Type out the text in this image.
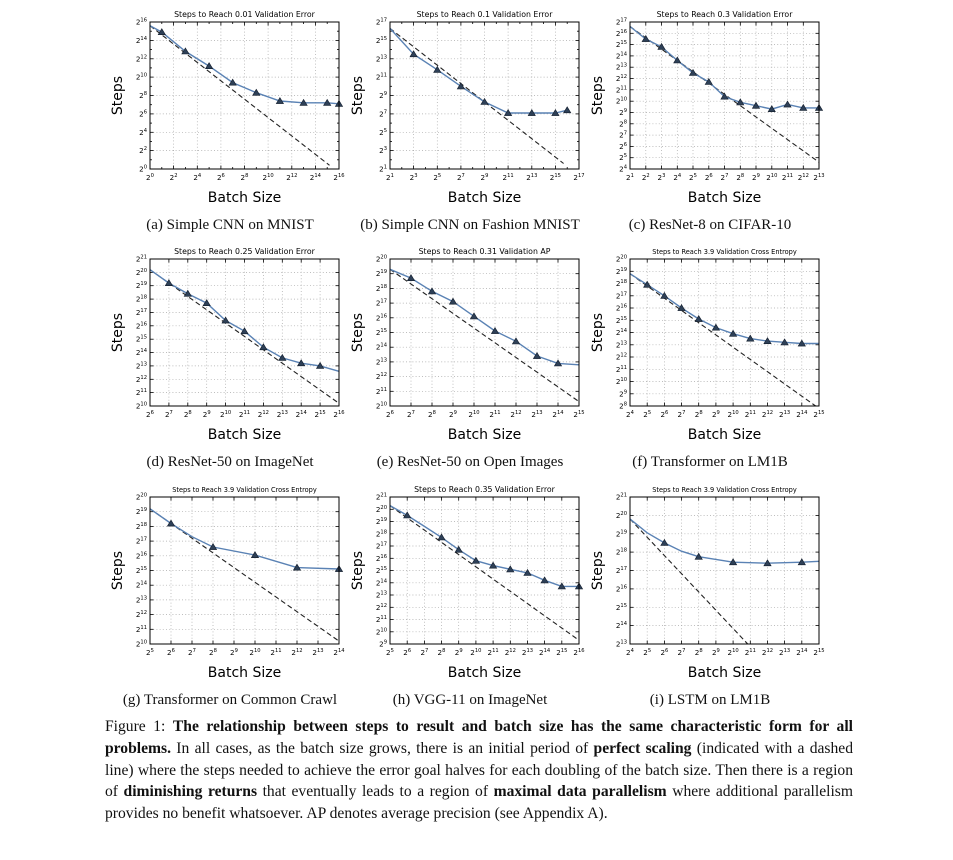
$2^0$ $2^2$ $2^4$ $2^6$ $2^8$ $2^{10}$ $2^{12}$ $2^{14}$ $2^{16}$
$2^0$
$2^2$
$2^4$
$2^6$
$2^8$
$2^{10}$
$2^{12}$
$2^{14}$
$2^{16}$
Steps to Reach 0.01 Validation Error
Batch Size
Steps
(a) Simple CNN on MNIST
$2^1$ $2^3$ $2^5$ $2^7$ $2^9$ $2^{11}$ $2^{13}$ $2^{15}$ $2^{17}$
$2^1$
$2^3$
$2^5$
$2^7$
$2^9$
$2^{11}$
$2^{13}$
$2^{15}$
$2^{17}$
Steps to Reach 0.1 Validation Error
Batch Size
Steps
(b) Simple CNN on Fashion MNIST
$2^1$ $2^2$ $2^3$ $2^4$ $2^5$ $2^6$ $2^7$ $2^8$ $2^9$ $2^{10}$ $2^{11}$ $2^{12}$ $2^{13}$
$2^4$
$2^5$
$2^6$
$2^7$
$2^8$
$2^9$
$2^{10}$
$2^{11}$
$2^{12}$
$2^{13}$
$2^{14}$
$2^{15}$
$2^{16}$
$2^{17}$
Steps to Reach 0.3 Validation Error
Batch Size
Steps
(c) ResNet-8 on CIFAR-10
$2^6$ $2^7$ $2^8$ $2^9$ $2^{10}$ $2^{11}$ $2^{12}$ $2^{13}$ $2^{14}$ $2^{15}$ $2^{16}$
$2^{10}$
$2^{11}$
$2^{12}$
$2^{13}$
$2^{14}$
$2^{15}$
$2^{16}$
$2^{17}$
$2^{18}$
$2^{19}$
$2^{20}$
$2^{21}$
Steps to Reach 0.25 Validation Error
Batch Size
Steps
(d) ResNet-50 on ImageNet
$2^6$ $2^7$ $2^8$ $2^9$ $2^{10}$ $2^{11}$ $2^{12}$ $2^{13}$ $2^{14}$ $2^{15}$
$2^{10}$
$2^{11}$
$2^{12}$
$2^{13}$
$2^{14}$
$2^{15}$
$2^{16}$
$2^{17}$
$2^{18}$
$2^{19}$
$2^{20}$
Steps to Reach 0.31 Validation AP
Batch Size
Steps
(e) ResNet-50 on Open Images
$2^4$ $2^5$ $2^6$ $2^7$ $2^8$ $2^9$ $2^{10}$ $2^{11}$ $2^{12}$ $2^{13}$ $2^{14}$ $2^{15}$
$2^8$
$2^9$
$2^{10}$
$2^{11}$
$2^{12}$
$2^{13}$
$2^{14}$
$2^{15}$
$2^{16}$
$2^{17}$
$2^{18}$
$2^{19}$
$2^{20}$
Steps to Reach 3.9 Validation Cross Entropy
Batch Size
Steps
(f) Transformer on LM1B
$2^5$ $2^6$ $2^7$ $2^8$ $2^9$ $2^{10}$ $2^{11}$ $2^{12}$ $2^{13}$ $2^{14}$
$2^{10}$
$2^{11}$
$2^{12}$
$2^{13}$
$2^{14}$
$2^{15}$
$2^{16}$
$2^{17}$
$2^{18}$
$2^{19}$
$2^{20}$
Steps to Reach 3.9 Validation Cross Entropy
Batch Size
Steps
(g) Transformer on Common Crawl
$2^5$ $2^6$ $2^7$ $2^8$ $2^9$ $2^{10}$ $2^{11}$ $2^{12}$ $2^{13}$ $2^{14}$ $2^{15}$ $2^{16}$
$2^9$
$2^{10}$
$2^{11}$
$2^{12}$
$2^{13}$
$2^{14}$
$2^{15}$
$2^{16}$
$2^{17}$
$2^{18}$
$2^{19}$
$2^{20}$
$2^{21}$
Steps to Reach 0.35 Validation Error
Batch Size
Steps
(h) VGG-11 on ImageNet
$2^4$ $2^5$ $2^6$ $2^7$ $2^8$ $2^9$ $2^{10}$ $2^{11}$ $2^{12}$ $2^{13}$ $2^{14}$ $2^{15}$
$2^{13}$
$2^{14}$
$2^{15}$
$2^{16}$
$2^{17}$
$2^{18}$
$2^{19}$
$2^{20}$
$2^{21}$
Steps to Reach 3.9 Validation Cross Entropy
Batch Size
Steps
(i) LSTM on LM1B

Figure 1: The relationship between steps to result and batch size has the same characteristic form for all problems. In all cases, as the batch size grows, there is an initial period of perfect scaling (indicated with a dashed line) where the steps needed to achieve the error goal halves for each doubling of the batch size. Then there is a region of diminishing returns that eventually leads to a region of maximal data parallelism where additional parallelism provides no benefit whatsoever. AP denotes average precision (see Appendix A).
